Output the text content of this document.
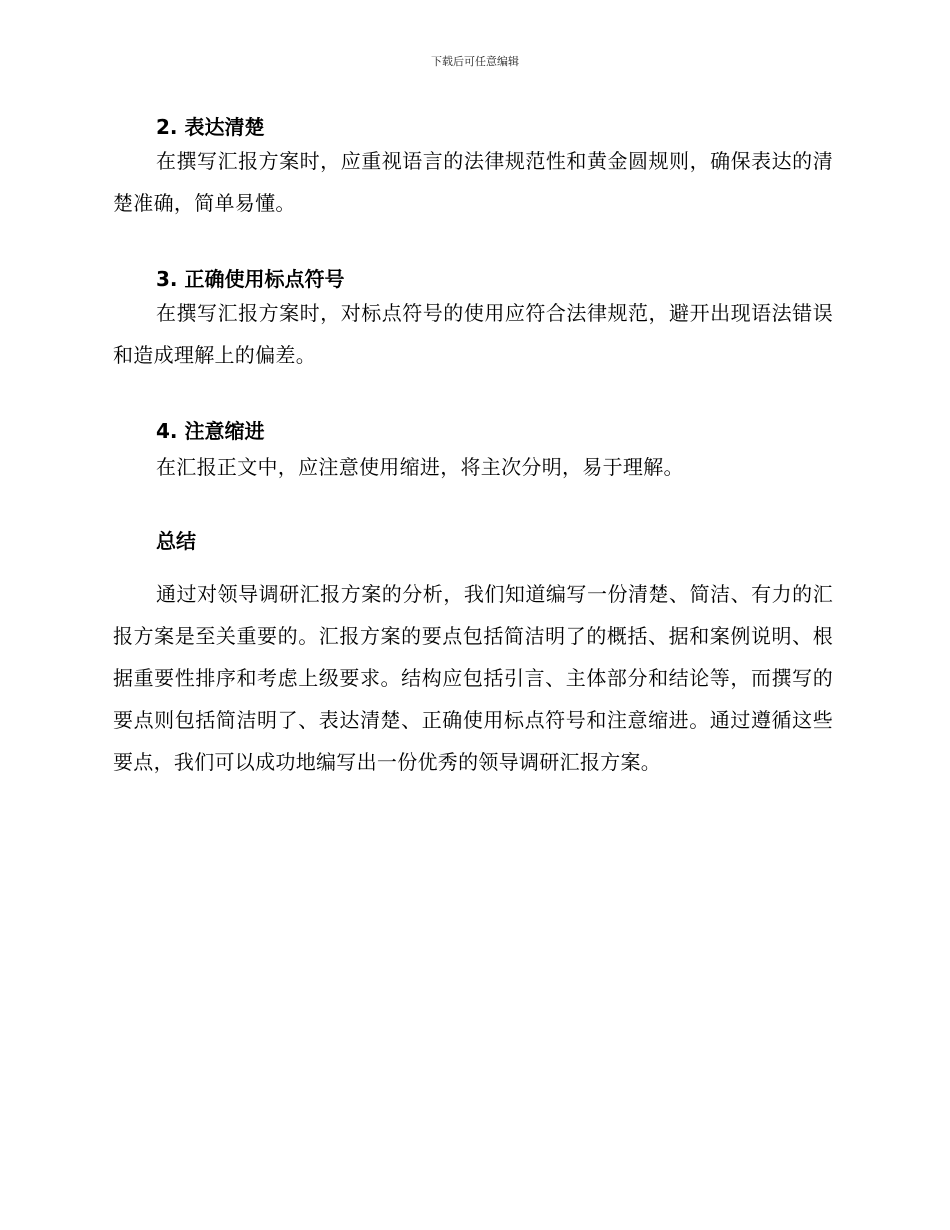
下载后可任意编辑
2. 表达清楚

在撰写汇报方案时，应重视语言的法律规范性和黄金圆规则，确保表达的清楚准确，简单易懂。

3. 正确使用标点符号

在撰写汇报方案时，对标点符号的使用应符合法律规范，避开出现语法错误和造成理解上的偏差。

4. 注意缩进

在汇报正文中，应注意使用缩进，将主次分明，易于理解。

总结

通过对领导调研汇报方案的分析，我们知道编写一份清楚、简洁、有力的汇报方案是至关重要的。汇报方案的要点包括简洁明了的概括、据和案例说明、根据重要性排序和考虑上级要求。结构应包括引言、主体部分和结论等，而撰写的要点则包括简洁明了、表达清楚、正确使用标点符号和注意缩进。通过遵循这些要点，我们可以成功地编写出一份优秀的领导调研汇报方案。
